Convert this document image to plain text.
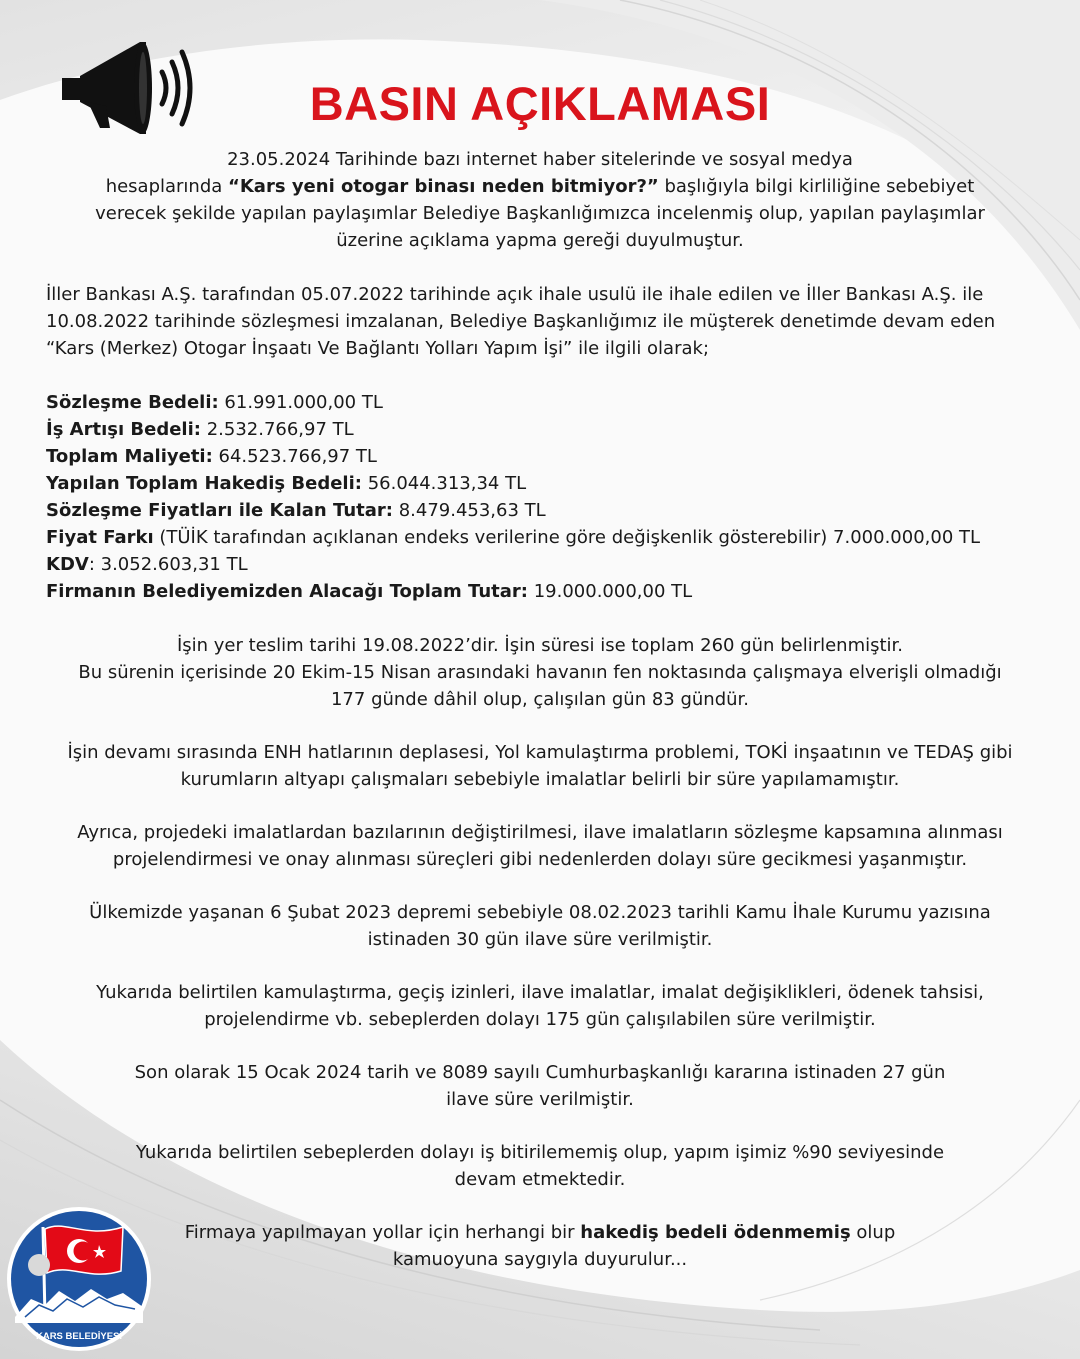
BASIN AÇIKLAMASI

23.05.2024 Tarihinde bazı internet haber sitelerinde ve sosyal medya

hesaplarında “Kars yeni otogar binası neden bitmiyor?” başlığıyla bilgi kirliliğine sebebiyet

verecek şekilde yapılan paylaşımlar Belediye Başkanlığımızca incelenmiş olup, yapılan paylaşımlar

üzerine açıklama yapma gereği duyulmuştur.

İller Bankası A.Ş. tarafından 05.07.2022 tarihinde açık ihale usulü ile ihale edilen ve İller Bankası A.Ş. ile

10.08.2022 tarihinde sözleşmesi imzalanan, Belediye Başkanlığımız ile müşterek denetimde devam eden

“Kars (Merkez) Otogar İnşaatı Ve Bağlantı Yolları Yapım İşi” ile ilgili olarak;

Sözleşme Bedeli: 61.991.000,00 TL

İş Artışı Bedeli: 2.532.766,97 TL

Toplam Maliyeti: 64.523.766,97 TL

Yapılan Toplam Hakediş Bedeli: 56.044.313,34 TL

Sözleşme Fiyatları ile Kalan Tutar: 8.479.453,63 TL

Fiyat Farkı (TÜİK tarafından açıklanan endeks verilerine göre değişkenlik gösterebilir) 7.000.000,00 TL

KDV: 3.052.603,31 TL

Firmanın Belediyemizden Alacağı Toplam Tutar: 19.000.000,00 TL

İşin yer teslim tarihi 19.08.2022’dir. İşin süresi ise toplam 260 gün belirlenmiştir.

Bu sürenin içerisinde 20 Ekim-15 Nisan arasındaki havanın fen noktasında çalışmaya elverişli olmadığı

177 günde dâhil olup, çalışılan gün 83 gündür.

İşin devamı sırasında ENH hatlarının deplasesi, Yol kamulaştırma problemi, TOKİ inşaatının ve TEDAŞ gibi

kurumların altyapı çalışmaları sebebiyle imalatlar belirli bir süre yapılamamıştır.

Ayrıca, projedeki imalatlardan bazılarının değiştirilmesi, ilave imalatların sözleşme kapsamına alınması

projelendirmesi ve onay alınması süreçleri gibi nedenlerden dolayı süre gecikmesi yaşanmıştır.

Ülkemizde yaşanan 6 Şubat 2023 depremi sebebiyle 08.02.2023 tarihli Kamu İhale Kurumu yazısına

istinaden 30 gün ilave süre verilmiştir.

Yukarıda belirtilen kamulaştırma, geçiş izinleri, ilave imalatlar, imalat değişiklikleri, ödenek tahsisi,

projelendirme vb. sebeplerden dolayı 175 gün çalışılabilen süre verilmiştir.

Son olarak 15 Ocak 2024 tarih ve 8089 sayılı Cumhurbaşkanlığı kararına istinaden 27 gün

ilave süre verilmiştir.

Yukarıda belirtilen sebeplerden dolayı iş bitirilememiş olup, yapım işimiz %90 seviyesinde

devam etmektedir.

Firmaya yapılmayan yollar için herhangi bir hakediş bedeli ödenmemiş olup

kamuoyuna saygıyla duyurulur...

KARS BELEDİYESİ
